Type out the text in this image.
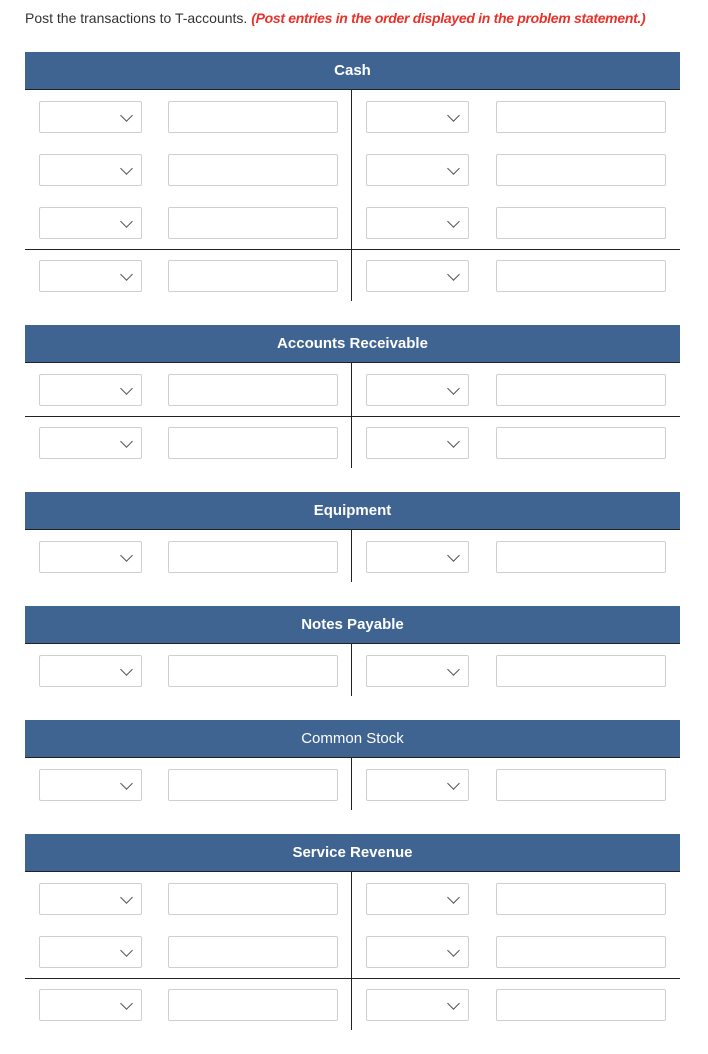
Post the transactions to T-accounts. (Post entries in the order displayed in the problem statement.)
Cash
Accounts Receivable
Equipment
Notes Payable
Common Stock
Service Revenue
